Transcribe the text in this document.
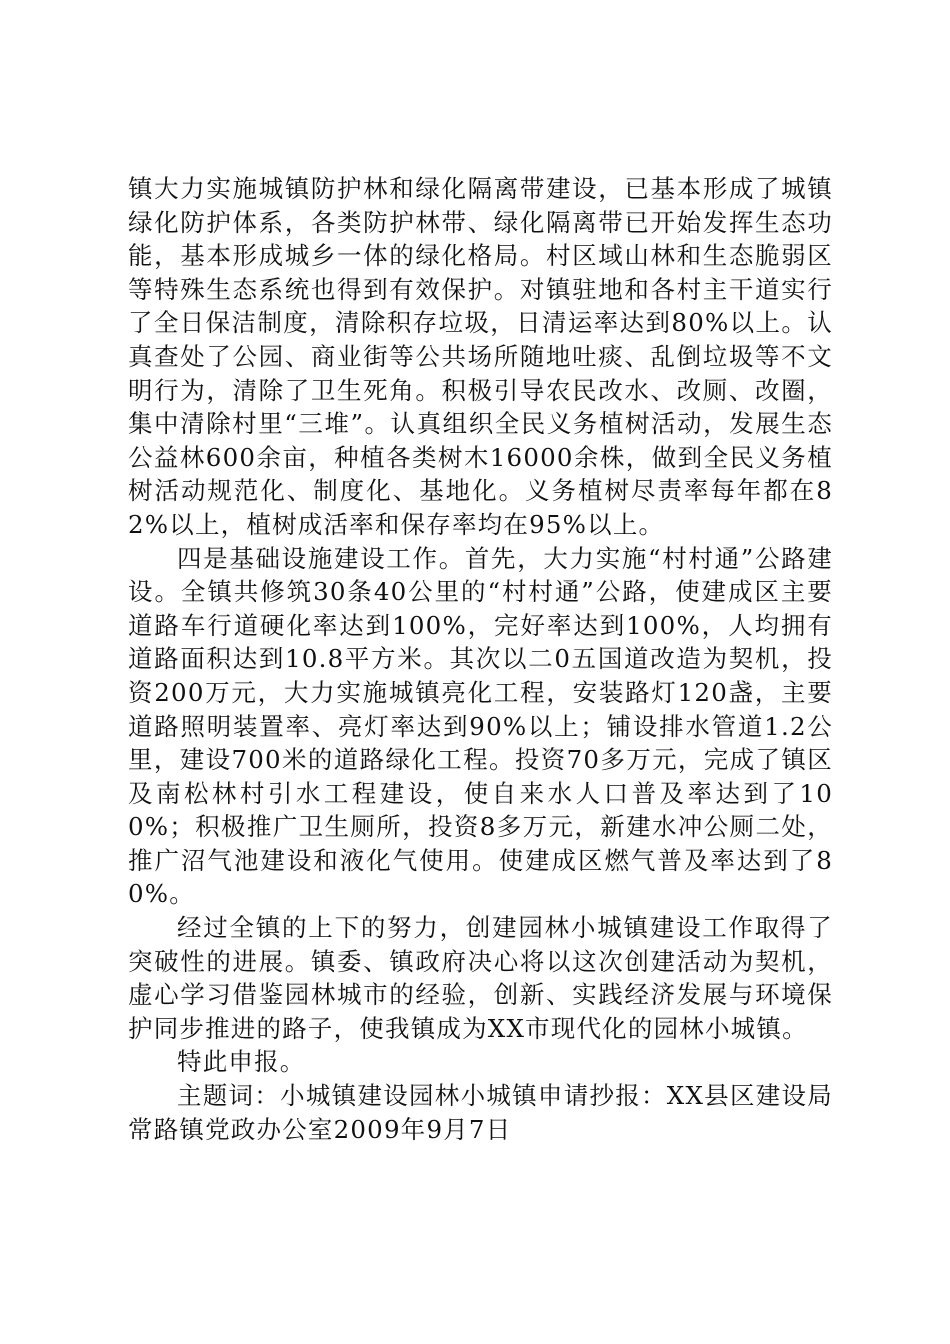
镇大力实施城镇防护林和绿化隔离带建设，已基本形成了城镇绿化防护体系，各类防护林带、绿化隔离带已开始发挥生态功能，基本形成城乡一体的绿化格局。村区域山林和生态脆弱区等特殊生态系统也得到有效保护。对镇驻地和各村主干道实行了全日保洁制度，清除积存垃圾，日清运率达到80%以上。认真查处了公园、商业街等公共场所随地吐痰、乱倒垃圾等不文明行为，清除了卫生死角。积极引导农民改水、改厕、改圈，集中清除村里“三堆”。认真组织全民义务植树活动，发展生态公益林600余亩，种植各类树木16000余株，做到全民义务植树活动规范化、制度化、基地化。义务植树尽责率每年都在82%以上，植树成活率和保存率均在95%以上。

四是基础设施建设工作。首先，大力实施“村村通”公路建设。全镇共修筑30条40公里的“村村通”公路，使建成区主要道路车行道硬化率达到100%，完好率达到100%，人均拥有道路面积达到10.8平方米。其次以二0五国道改造为契机，投资200万元，大力实施城镇亮化工程，安装路灯120盏，主要道路照明装置率、亮灯率达到90%以上；铺设排水管道1.2公里，建设700米的道路绿化工程。投资70多万元，完成了镇区及南松林村引水工程建设，使自来水人口普及率达到了100%；积极推广卫生厕所，投资8多万元，新建水冲公厕二处，推广沼气池建设和液化气使用。使建成区燃气普及率达到了80%。

经过全镇的上下的努力，创建园林小城镇建设工作取得了突破性的进展。镇委、镇政府决心将以这次创建活动为契机，虚心学习借鉴园林城市的经验，创新、实践经济发展与环境保护同步推进的路子，使我镇成为XX市现代化的园林小城镇。

特此申报。

主题词：小城镇建设园林小城镇申请抄报：XX县区建设局常路镇党政办公室2009年9月7日
